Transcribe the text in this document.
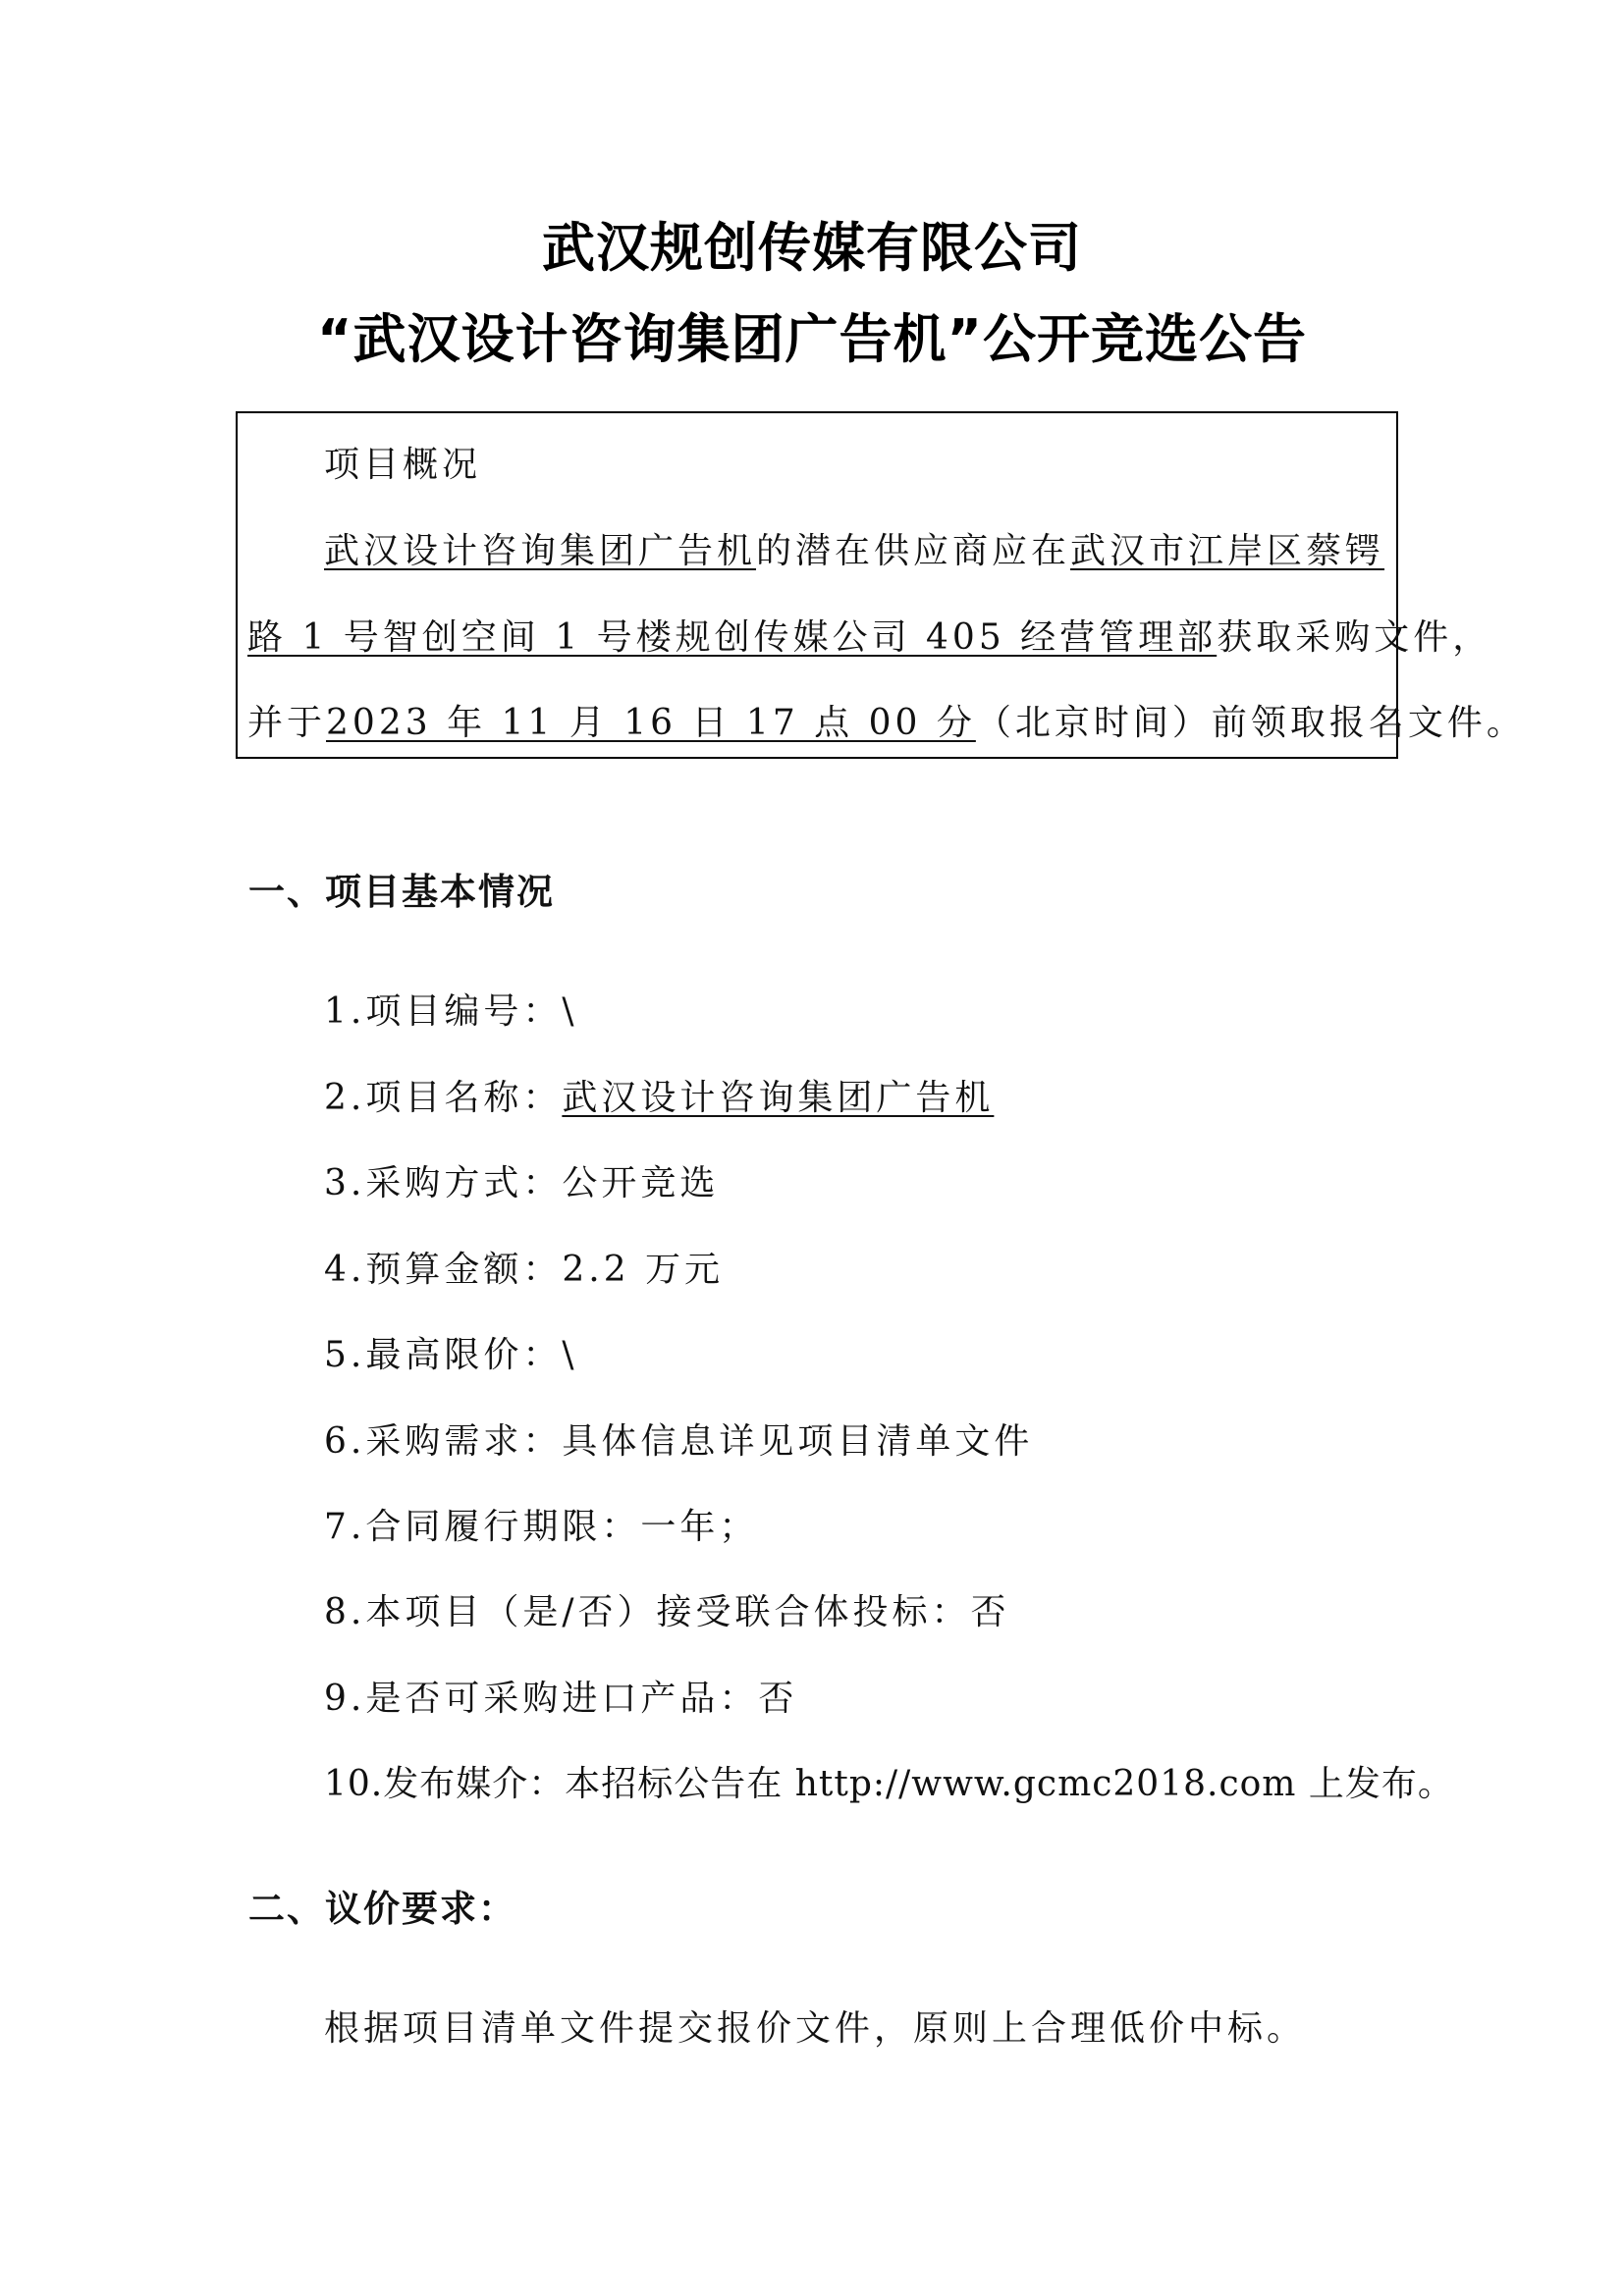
武汉规创传媒有限公司
“武汉设计咨询集团广告机”公开竞选公告
项目概况
武汉设计咨询集团广告机的潜在供应商应在武汉市江岸区蔡锷
路 1 号智创空间 1 号楼规创传媒公司 405 经营管理部获取采购文件，
并于2023 年 11 月 16 日 17 点 00 分（北京时间）前领取报名文件。
一、项目基本情况
1.项目编号：\
2.项目名称：武汉设计咨询集团广告机
3.采购方式：公开竞选
4.预算金额：2.2 万元
5.最高限价：\
6.采购需求：具体信息详见项目清单文件
7.合同履行期限：一年；
8.本项目（是/否）接受联合体投标：否
9.是否可采购进口产品：否
10.发布媒介：本招标公告在 http://www.gcmc2018.com 上发布。
二、议价要求：
根据项目清单文件提交报价文件，原则上合理低价中标。
